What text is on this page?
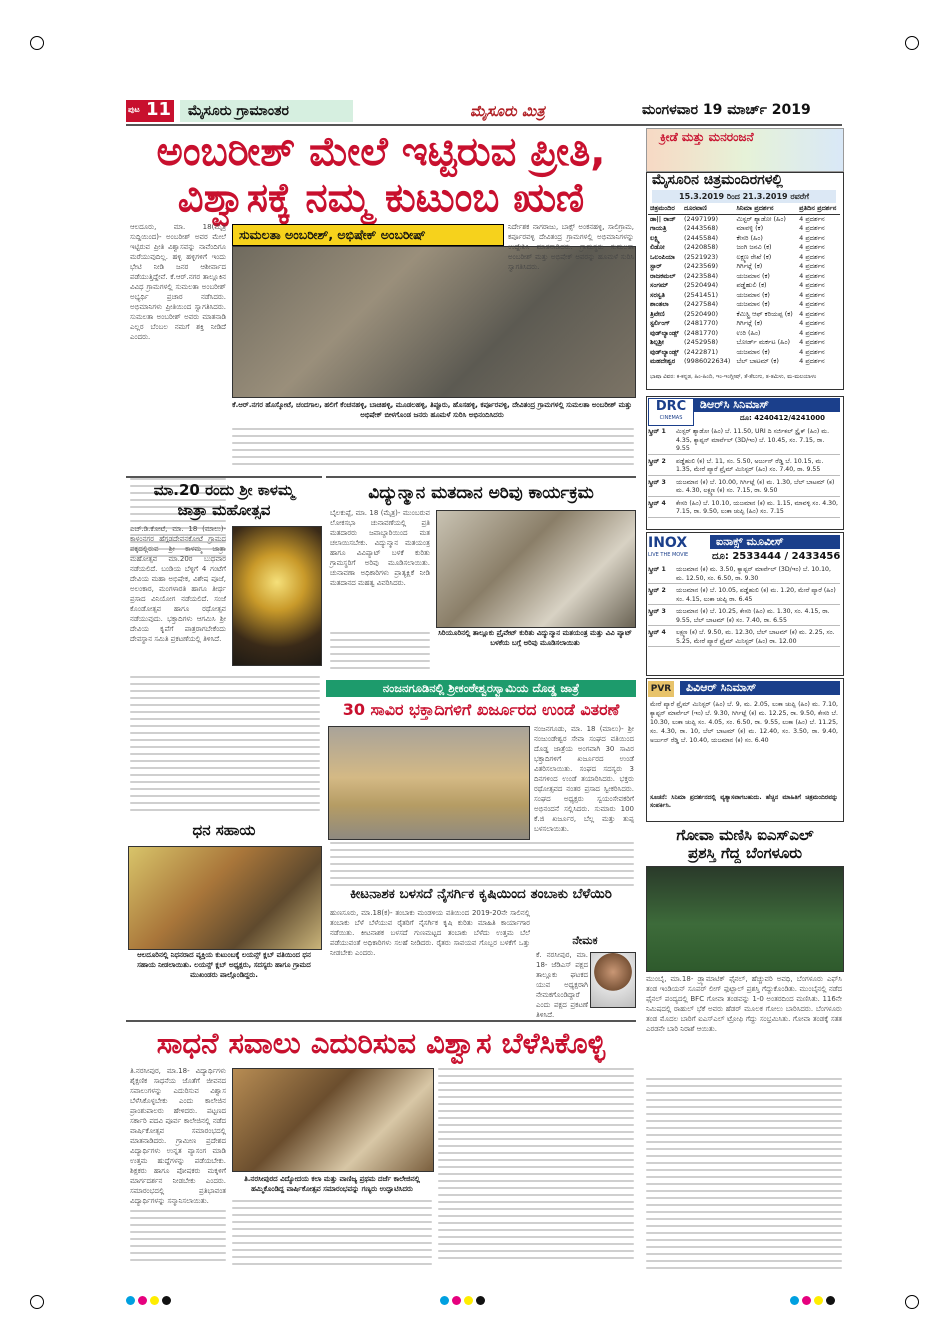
ಪುಟ 11	ಮೈಸೂರು ಗ್ರಾಮಾಂತರ	ಮೈಸೂರು ಮಿತ್ರ	ಮಂಗಳವಾರ 19 ಮಾರ್ಚ್ 2019
ಅಂಬರೀಶ್ ಮೇಲೆ ಇಟ್ಟಿರುವ ಪ್ರೀತಿ,
ವಿಶ್ವಾಸಕ್ಕೆ ನಮ್ಮ ಕುಟುಂಬ ಋಣಿ
ಆಲದೂರು, ಮಾ. 18(ಮೈತ್ರ ಸುದ್ದಿಯಿಂದ)- ಅಂಬರೀಶ್ ಅವರ ಮೇಲೆ ಇಟ್ಟಿರುವ ಪ್ರೀತಿ ವಿಶ್ವಾಸವನ್ನು ನಾವೆಂದಿಗೂ ಮರೆಯುವುದಿಲ್ಲ. ಹಳ್ಳಿ ಹಳ್ಳಿಗಳಿಗೆ ಇಂದು ಭೇಟಿ ನೀಡಿ ಜನರ ಆಶೀರ್ವಾದ ಪಡೆಯುತ್ತಿದ್ದೇವೆ. ಕೆ.ಆರ್.ನಗರ ತಾಲ್ಲೂಕಿನ ವಿವಿಧ ಗ್ರಾಮಗಳಲ್ಲಿ ಸುಮಲತಾ ಅಂಬರೀಶ್ ಅಭ್ಯರ್ಥಿ ಪ್ರಚಾರ ನಡೆಸಿದರು. ಅಭಿಮಾನಿಗಳು ಪ್ರೀತಿಯಿಂದ ಸ್ವಾಗತಿಸಿದರು. ಸುಮಲತಾ ಅಂಬರೀಶ್ ಅವರು ಮಾತನಾಡಿ ಎಲ್ಲರ ಬೆಂಬಲ ನಮಗೆ ಶಕ್ತಿ ನೀಡಿದೆ ಎಂದರು.
ಸುಮಲತಾ ಅಂಬರೀಶ್, ಅಭಿಷೇಕ್ ಅಂಬರೀಷ್
ಕೆ.ಆರ್.ನಗರ ಹೊಸ್ಕೋಟೆ, ಚಂದಗಾಲ, ಹಲಿಗೆ ಕೆಂಚನಹಳ್ಳಿ, ಬಾಚಿಹಳ್ಳಿ, ಮೂಡಲಹಳ್ಳಿ, ತಿಪ್ಪೂರು, ಹೊಸಹಳ್ಳಿ, ಕರ್ಪೂರವಳ್ಳಿ, ದೇವಿತಂದ್ರ ಗ್ರಾಮಗಳಲ್ಲಿ ಸುಮಲತಾ ಅಂಬರೀಶ್ ಮತ್ತು ಅಭಿಷೇಕ್ ಬೀಳಗೊಂಡ ಜನರು ಹೂಮಳೆ ಸುರಿಸಿ ಅಭಿನಂದಿಸಿದರು
ನಿರ್ದೇಶಕ ನಾಗರಾಜು, ಬಾಕ್ಸ್ ಅಂಕನಹಳ್ಳಿ, ಸಾಲಿಗ್ರಾಮ, ಕರ್ಪೂರವಳ್ಳಿ ದೇವಿತಂದ್ರ ಗ್ರಾಮಗಳಲ್ಲಿ ಅಭಿಮಾನಿಗಳನ್ನು ಉದ್ದೇಶಿಸಿ ಮಾತನಾಡಿದರು. ಗ್ರಾಮಸ್ಥರು ಸುಮಲತಾ ಅಂಬರೀಶ್ ಮತ್ತು ಅಭಿಷೇಕ್ ಅವರನ್ನು ಹೂಮಳೆ ಸುರಿಸಿ ಸ್ವಾಗತಿಸಿದರು.
ಕ್ರೀಡೆ ಮತ್ತು ಮನರಂಜನೆ
ಮೈಸೂರಿನ ಚಿತ್ರಮಂದಿರಗಳಲ್ಲಿ
15.3.2019 ರಿಂದ 21.3.2019 ರವರೆಗೆ
ಚಿತ್ರಮಂದಿರ	ದೂರವಾಣಿ	ಸಿನಿಮಾ ಪ್ರದರ್ಶನ	ಪ್ರತಿದಿನ ಪ್ರದರ್ಶನ
ಡಾ|| ರಾಜ್	(2497199)	ಮಿಸ್ಟರ್ ಶ್ಯಾಡೋ (ಹಿಂ)	4 ಪ್ರದರ್ಶನ
ಗಾಯತ್ರಿ	(2443568)	ಮಾವಳ್ಳಿ (ಕ)	4 ಪ್ರದರ್ಶನ
ಲಕ್ಷ್ಮಿ	(2445584)	ಕೇಸರಿ (ಹಿಂ)	4 ಪ್ರದರ್ಶನ
ಲಿಡೋ	(2420858)	ಜಂಗಿ ಜನವಿ (ಕ)	4 ಪ್ರದರ್ಶನ
ಒಲಂಪಿಯಾ	(2521923)	ಲಕ್ಷ್ಮಣ ರೇಖೆ (ಕ)	4 ಪ್ರದರ್ಶನ
ಸ್ಟಾರ್	(2423569)	ಗಿರ್ಗಿಟ್ಲೆ (ಕ)	4 ಪ್ರದರ್ಶನ
ರಾಜಕಮಲ್	(2423584)	ಯಜಮಾನ (ಕ)	4 ಪ್ರದರ್ಶನ
ಸಂಗಮ್	(2520494)	ಪಡ್ಡೆಹುಲಿ (ಕ)	4 ಪ್ರದರ್ಶನ
ಸರಸ್ವತಿ	(2541451)	ಯಜಮಾನ (ಕ)	4 ಪ್ರದರ್ಶನ
ಶಾಂತಲಾ	(2427584)	ಯಜಮಾನ (ಕ)	4 ಪ್ರದರ್ಶನ
ತ್ರಿವೇಣಿ	(2520490)	ಕೆಮಿಸ್ಟ್ರಿ ಆಫ್ ಕರಿಯಪ್ಪ (ಕ)	4 ಪ್ರದರ್ಶನ
ಸ್ಟರ್ಲಿಂಗ್	(2481770)	ಗಿರ್ಗಿಟ್ಲೆ (ಕ)	4 ಪ್ರದರ್ಶನ
ವುಡ್‌ಲ್ಯಾಂಡ್ಸ್	(2481770)	ಉರಿ (ಹಿಂ)	4 ಪ್ರದರ್ಶನ
ಶಿಲ್ಪಶ್ರೀ	(2452958)	ಬೋರ್ಡ್ ಮರ್ಕಟ (ಹಿಂ)	4 ಪ್ರದರ್ಶನ
ವುಡ್‌ಲ್ಯಾಂಡ್ಸ್	(2422871)	ಯಜಮಾನ (ಕ)	4 ಪ್ರದರ್ಶನ
ಮಹದೇಶ್ವರ	(9986022634)	ಬೆಲ್ ಬಾಟಮ್ (ಕ)	4 ಪ್ರದರ್ಶನ
ಭಾಷಾ ವಿವರ: ಕ-ಕನ್ನಡ, ಹಿಂ-ಹಿಂದಿ, ಇಂ-ಇಂಗ್ಲೀಷ್, ತೆ-ತೆಲುಗು, ತ-ತಮಿಳು, ಮ-ಮಲಯಾಳಂ
DRC
CINEMAS
ಡಿಆರ್‌ಸಿ ಸಿನಿಮಾಸ್
ದೂ: 4240412/4241000
ಸ್ಕ್ರೀನ್ 1	ಮಿಸ್ಟರ್ ಶ್ಯಾಡೋ (ಹಿಂ) ಬೆ. 11.50, URI ದಿ ಸರ್ಜಿಕಲ್ ಸ್ಟ್ರೈಕ್ (ಹಿಂ) ಮ. 4.35, ಕ್ಯಾಪ್ಟನ್ ಮಾರ್ವೆಲ್ (3D/ಇಂ) ಬೆ. 10.45, ಸಂ. 7.15, ರಾ. 9.55
ಸ್ಕ್ರೀನ್ 2	ಪಡ್ಡೆಹುಲಿ (ಕ) ಬೆ. 11, ಸಂ. 5.50, ಅರ್ಜುನ್ ರೆಡ್ಡಿ ಬೆ. 10.15, ಮ. 1.35, ಮೇರೆ ಪ್ಯಾರೆ ಪ್ರೈಮ್ ಮಿನಿಸ್ಟರ್ (ಹಿಂ) ಸಂ. 7.40, ರಾ. 9.55
ಸ್ಕ್ರೀನ್ 3	ಯಜಮಾನ (ಕ) ಬೆ. 10.00, ಗಿರ್ಗಿಟ್ಲೆ (ಕ) ಮ. 1.30, ಬೆಲ್ ಬಾಟಮ್ (ಕ) ಮ. 4.30, ಲಕ್ಷ್ಮಣ (ಕ) ಸಂ. 7.15, ರಾ. 9.50
ಸ್ಕ್ರೀನ್ 4	ಕೇಸರಿ (ಹಿಂ) ಬೆ. 10.10, ಯಜಮಾನ (ಕ) ಮ. 1.15, ಮಾವಳ್ಳಿ ಸಂ. 4.30, 7.15, ರಾ. 9.50, ಲುಕಾ ಚುಪ್ಪಿ (ಹಿಂ) ಸಂ. 7.15
INOX
LIVE THE MOVIE
ಐನಾಕ್ಸ್ ಮೂವೀಸ್
ದೂ: 2533444 / 2433456
ಸ್ಕ್ರೀನ್ 1	ಯಜಮಾನ (ಕ) ಮ. 3.50, ಕ್ಯಾಪ್ಟನ್ ಮಾರ್ವೆಲ್ (3D/ಇಂ) ಬೆ. 10.10, ಮ. 12.50, ಸಂ. 6.50, ರಾ. 9.30
ಸ್ಕ್ರೀನ್ 2	ಯಜಮಾನ (ಕ) ಬೆ. 10.05, ಪಡ್ಡೆಹುಲಿ (ಕ) ಮ. 1.20, ಮೇರೆ ಪ್ಯಾರೆ (ಹಿಂ) ಸಂ. 4.15, ಲುಕಾ ಚುಪ್ಪಿ ರಾ. 6.45
ಸ್ಕ್ರೀನ್ 3	ಯಜಮಾನ (ಕ) ಬೆ. 10.25, ಕೇಸರಿ (ಹಿಂ) ಮ. 1.30, ಸಂ. 4.15, ರಾ. 9.55, ಬೆಲ್ ಬಾಟಮ್ (ಕ) ಸಂ. 7.40, ರಾ. 6.55
ಸ್ಕ್ರೀನ್ 4	ಲಕ್ಷ್ಮಣ (ಕ) ಬೆ. 9.50, ಮ. 12.30, ಬೆಲ್ ಬಾಟಮ್ (ಕ) ಮ. 2.25, ಸಂ. 5.25, ಮೇರೆ ಪ್ಯಾರೆ ಪ್ರೈಮ್ ಮಿನಿಸ್ಟರ್ (ಹಿಂ) ರಾ. 12.00
PVR	ಪಿವಿಆರ್ ಸಿನಿಮಾಸ್
ಮೇರೆ ಪ್ಯಾರೆ ಪ್ರೈಮ್ ಮಿನಿಸ್ಟರ್ (ಹಿಂ) ಬೆ. 9, ಮ. 2.05, ಲುಕಾ ಚುಪ್ಪಿ (ಹಿಂ) ಮ. 7.10, ಕ್ಯಾಪ್ಟನ್ ಮಾರ್ವೆಲ್ (ಇಂ) ಬೆ. 9.30, ಗಿರ್ಗಿಟ್ಲೆ (ಕ) ಮ. 12.25, ರಾ. 9.50, ಕೇಸರಿ ಬೆ. 10.30, ಲುಕಾ ಚುಪ್ಪಿ ಸಂ. 4.05, ಸಂ. 6.50, ರಾ. 9.55, ಲುಕಾ (ಹಿಂ) ಬೆ. 11.25, ಸಂ. 4.30, ರಾ. 10, ಬೆಲ್ ಬಾಟಮ್ (ಕ) ಮ. 12.40, ಸಂ. 3.50, ರಾ. 9.40, ಅರ್ಜುನ್ ರೆಡ್ಡಿ ಬೆ. 10.40, ಯಜಮಾನ (ಕ) ಸಂ. 6.40
ಸೂಚನೆ: ಸಿನಿಮಾ ಪ್ರದರ್ಶನದಲ್ಲಿ ವ್ಯತ್ಯಾಸವಾಗಬಹುದು. ಹೆಚ್ಚಿನ ಮಾಹಿತಿಗೆ ಚಿತ್ರಮಂದಿರವನ್ನು ಸಂಪರ್ಕಿಸಿ.
ಗೋವಾ ಮಣಿಸಿ ಐಎಸ್‌ಎಲ್
ಪ್ರಶಸ್ತಿ ಗೆದ್ದ ಬೆಂಗಳೂರು
ಮುಂಬೈ, ಮಾ.18- ಡ್ರ್ಯಾಮಾಟಿಕ್ ಫೈನಲ್, ಹೆಚ್ಚುವರಿ ಅವಧಿ, ಬೆಂಗಳೂರು ಎಫ್‌ಸಿ ತಂಡ ಇಂಡಿಯನ್ ಸೂಪರ್ ಲೀಗ್ ಫುಟ್ಬಾಲ್ ಪ್ರಶಸ್ತಿ ಗೆದ್ದುಕೊಂಡಿತು. ಮುಂಬೈನಲ್ಲಿ ನಡೆದ ಫೈನಲ್ ಪಂದ್ಯದಲ್ಲಿ BFC ಗೋವಾ ತಂಡವನ್ನು 1-0 ಅಂತರದಿಂದ ಮಣಿಸಿತು. 116ನೇ ನಿಮಿಷದಲ್ಲಿ ರಾಹುಲ್ ಭೆಕೆ ಅವರು ಹೆಡರ್ ಮೂಲಕ ಗೋಲು ಬಾರಿಸಿದರು. ಬೆಂಗಳೂರು ತಂಡ ಮೊದಲ ಬಾರಿಗೆ ಐಎಸ್‌ಎಲ್ ಟ್ರೋಫಿ ಗೆದ್ದು ಸಂಭ್ರಮಿಸಿತು. ಗೋವಾ ತಂಡಕ್ಕೆ ಸತತ ಎರಡನೇ ಬಾರಿ ನಿರಾಶೆ ಆಯಿತು.
ಮಾ.20 ರಂದು ಶ್ರೀ ಕಾಳಮ್ಮ
ಜಾತ್ರಾ ಮಹೋತ್ಸವ
ಎಚ್.ಡಿ.ಕೋಟೆ, ಮಾ. 18 (ಮಾಲು)- ಕಾಳಂನಗರ ಹೆಗ್ಗಡದೇವನಕೋಟೆ ಗ್ರಾಮದ ಪಕ್ಕದಲ್ಲಿರುವ ಶ್ರೀ ಕಾಳಮ್ಮ ಜಾತ್ರಾ ಮಹೋತ್ಸವ ಮಾ.20ರ ಬುಧವಾರ ನಡೆಯಲಿದೆ. ಬಂಡಿಯ ಬೆಳ್ಳಿಗೆ 4 ಗಂಟೆಗೆ ದೇವಿಯ ಮಹಾ ಅಭಿಷೇಕ, ವಿಶೇಷ ಪೂಜೆ, ಅಲಂಕಾರ, ಮಂಗಳಾರತಿ ಹಾಗೂ ತೀರ್ಥ ಪ್ರಸಾದ ವಿನಿಯೋಗ ನಡೆಯಲಿದೆ. ಸಂಜೆ ಕೊಂಡೋತ್ಸವ ಹಾಗೂ ರಥೋತ್ಸವ ನಡೆಯುವುದು. ಭಕ್ತಾದಿಗಳು ಆಗಮಿಸಿ ಶ್ರೀ ದೇವಿಯ ಕೃಪೆಗೆ ಪಾತ್ರರಾಗಬೇಕೆಂದು ದೇವಸ್ಥಾನ ಸಮಿತಿ ಪ್ರಕಟಣೆಯಲ್ಲಿ ತಿಳಿಸಿದೆ.
ವಿದ್ಯುನ್ಮಾನ ಮತದಾನ ಅರಿವು ಕಾರ್ಯಕ್ರಮ
ಬೈಲಕುಪ್ಪೆ, ಮಾ. 18 (ಮೈತ್ರ)- ಮುಂಬರುವ ಲೋಕಸಭಾ ಚುನಾವಣೆಯಲ್ಲಿ ಪ್ರತಿ ಮತದಾರರು ಜವಾಬ್ದಾರಿಯಿಂದ ಮತ ಚಲಾಯಿಸಬೇಕು. ವಿದ್ಯುನ್ಮಾನ ಮತಯಂತ್ರ ಹಾಗೂ ವಿವಿಪ್ಯಾಟ್ ಬಳಕೆ ಕುರಿತು ಗ್ರಾಮಸ್ಥರಿಗೆ ಅರಿವು ಮೂಡಿಸಲಾಯಿತು. ಚುನಾವಣಾ ಅಧಿಕಾರಿಗಳು ಪ್ರಾತ್ಯಕ್ಷಿಕೆ ನೀಡಿ ಮತದಾನದ ಮಹತ್ವ ವಿವರಿಸಿದರು.
ಸಿರಿಯೂರಿನಲ್ಲಿ ತಾಲ್ಲೂಕು ಪ್ರೈವೇಟ್ ಕುರಿತು ವಿದ್ಯುನ್ಮಾನ ಮತಯಂತ್ರ ಮತ್ತು ವಿವಿ ಪ್ಯಾಟ್ ಬಳಕೆಯ ಬಗ್ಗೆ ಅರಿವು ಮೂಡಿಸಲಾಯಿತು
ನಂಜನಗೂಡಿನಲ್ಲಿ ಶ್ರೀಕಂಠೇಶ್ವರಸ್ವಾಮಿಯ ದೊಡ್ಡ ಜಾತ್ರೆ
30 ಸಾವಿರ ಭಕ್ತಾದಿಗಳಿಗೆ ಖರ್ಜೂರದ ಉಂಡೆ ವಿತರಣೆ
ನಂಜನಗೂಡು, ಮಾ. 18 (ಮಾಲು)- ಶ್ರೀ ನಂಜುಂಡೇಶ್ವರ ಸೇವಾ ಸಂಘದ ವತಿಯಿಂದ ದೊಡ್ಡ ಜಾತ್ರೆಯ ಅಂಗವಾಗಿ 30 ಸಾವಿರ ಭಕ್ತಾದಿಗಳಿಗೆ ಖರ್ಜೂರದ ಉಂಡೆ ವಿತರಿಸಲಾಯಿತು. ಸಂಘದ ಸದಸ್ಯರು 3 ದಿನಗಳಿಂದ ಉಂಡೆ ತಯಾರಿಸಿದರು. ಭಕ್ತರು ರಥೋತ್ಸವದ ನಂತರ ಪ್ರಸಾದ ಸ್ವೀಕರಿಸಿದರು. ಸಂಘದ ಅಧ್ಯಕ್ಷರು ಸ್ವಯಂಸೇವಕರಿಗೆ ಅಭಿನಂದನೆ ಸಲ್ಲಿಸಿದರು. ಸುಮಾರು 100 ಕೆ.ಜಿ ಖರ್ಜೂರ, ಬೆಲ್ಲ ಮತ್ತು ತುಪ್ಪ ಬಳಸಲಾಯಿತು.
ಧನ ಸಹಾಯ
ಆಲದೂರಿನಲ್ಲಿ ನಿಧನರಾದ ವ್ಯಕ್ತಿಯ ಕುಟುಂಬಕ್ಕೆ ಲಯನ್ಸ್ ಕ್ಲಬ್ ವತಿಯಿಂದ ಧನ ಸಹಾಯ ನೀಡಲಾಯಿತು. ಲಯನ್ಸ್ ಕ್ಲಬ್ ಅಧ್ಯಕ್ಷರು, ಸದಸ್ಯರು ಹಾಗೂ ಗ್ರಾಮದ ಮುಖಂಡರು ಪಾಲ್ಗೊಂಡಿದ್ದರು.
ಕೀಟನಾಶಕ ಬಳಸದೆ ನೈಸರ್ಗಿಕ ಕೃಷಿಯಿಂದ ತಂಬಾಕು ಬೆಳೆಯಿರಿ
ಹುಣಸೂರು, ಮಾ.18(ಕ)- ತಂಬಾಕು ಮಂಡಳಿಯ ವತಿಯಿಂದ 2019-20ನೇ ಸಾಲಿನಲ್ಲಿ ತಂಬಾಕು ಬೆಳೆ ಬೆಳೆಯುವ ರೈತರಿಗೆ ನೈಸರ್ಗಿಕ ಕೃಷಿ ಕುರಿತು ಮಾಹಿತಿ ಕಾರ್ಯಾಗಾರ ನಡೆಯಿತು. ಕೀಟನಾಶಕ ಬಳಸದೆ ಗುಣಮಟ್ಟದ ತಂಬಾಕು ಬೆಳೆದು ಉತ್ತಮ ಬೆಲೆ ಪಡೆಯುವಂತೆ ಅಧಿಕಾರಿಗಳು ಸಲಹೆ ನೀಡಿದರು. ರೈತರು ಸಾವಯವ ಗೊಬ್ಬರ ಬಳಕೆಗೆ ಒತ್ತು ನೀಡಬೇಕು ಎಂದರು.
ನೇಮಕ
ಕೆ. ನರಸೀಪುರ, ಮಾ. 18- ಜೆಡಿಎಸ್ ಪಕ್ಷದ ತಾಲ್ಲೂಕು ಘಟಕದ ಯುವ ಅಧ್ಯಕ್ಷರಾಗಿ ನೇಮಕಗೊಂಡಿದ್ದಾರೆ ಎಂದು ಪಕ್ಷದ ಪ್ರಕಟಣೆ ತಿಳಿಸಿದೆ.
ಸಾಧನೆ ಸವಾಲು ಎದುರಿಸುವ ವಿಶ್ವಾಸ ಬೆಳೆಸಿಕೊಳ್ಳಿ
ತಿ.ನರಸೀಪುರ, ಮಾ.18- ವಿದ್ಯಾರ್ಥಿಗಳು ಶೈಕ್ಷಣಿಕ ಸಾಧನೆಯ ಜೊತೆಗೆ ಜೀವನದ ಸವಾಲುಗಳನ್ನು ಎದುರಿಸುವ ವಿಶ್ವಾಸ ಬೆಳೆಸಿಕೊಳ್ಳಬೇಕು ಎಂದು ಕಾಲೇಜಿನ ಪ್ರಾಂಶುಪಾಲರು ಹೇಳಿದರು. ಪಟ್ಟಣದ ಸರ್ಕಾರಿ ಪದವಿ ಪೂರ್ವ ಕಾಲೇಜಿನಲ್ಲಿ ನಡೆದ ವಾರ್ಷಿಕೋತ್ಸವ ಸಮಾರಂಭದಲ್ಲಿ ಮಾತನಾಡಿದರು. ಗ್ರಾಮೀಣ ಪ್ರದೇಶದ ವಿದ್ಯಾರ್ಥಿಗಳು ಉನ್ನತ ವ್ಯಾಸಂಗ ಮಾಡಿ ಉತ್ತಮ ಹುದ್ದೆಗಳನ್ನು ಪಡೆಯಬೇಕು. ಶಿಕ್ಷಕರು ಹಾಗೂ ಪೋಷಕರು ಮಕ್ಕಳಿಗೆ ಮಾರ್ಗದರ್ಶನ ನೀಡಬೇಕು ಎಂದರು. ಸಮಾರಂಭದಲ್ಲಿ ಪ್ರತಿಭಾವಂತ ವಿದ್ಯಾರ್ಥಿಗಳನ್ನು ಸನ್ಮಾನಿಸಲಾಯಿತು.
ತಿ.ನರಸೀಪುರದ ವಿದ್ಯೋದಯ ಕಲಾ ಮತ್ತು ವಾಣಿಜ್ಯ ಪ್ರಥಮ ದರ್ಜೆ ಕಾಲೇಜಿನಲ್ಲಿ ಹಮ್ಮಿಕೊಂಡಿದ್ದ ವಾರ್ಷಿಕೋತ್ಸವ ಸಮಾರಂಭವನ್ನು ಗಣ್ಯರು ಉದ್ಘಾಟಿಸಿದರು
